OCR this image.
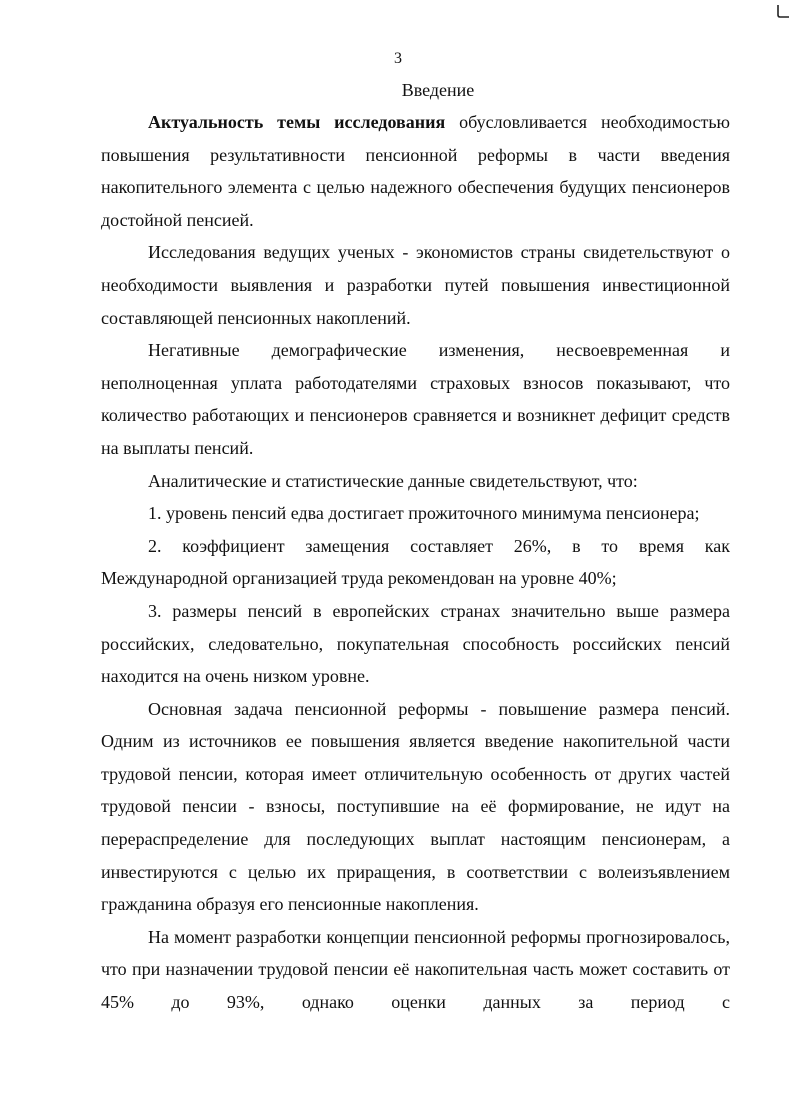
3
Введение

Актуальность темы исследования обусловливается необходимостью повышения результативности пенсионной реформы в части введения накопительного элемента с целью надежного обеспечения будущих пенсионеров достойной пенсией.

Исследования ведущих ученых - экономистов страны свидетельствуют о необходимости выявления и разработки путей повышения инвестиционной составляющей пенсионных накоплений.

Негативные демографические изменения, несвоевременная и неполноценная уплата работодателями страховых взносов показывают, что количество работающих и пенсионеров сравняется и возникнет дефицит средств на выплаты пенсий.

Аналитические и статистические данные свидетельствуют, что:

1. уровень пенсий едва достигает прожиточного минимума пенсионера;

2. коэффициент замещения составляет 26%, в то время как Международной организацией труда рекомендован на уровне 40%;

3. размеры пенсий в европейских странах значительно выше размера российских, следовательно, покупательная способность российских пенсий находится на очень низком уровне.

Основная задача пенсионной реформы - повышение размера пенсий. Одним из источников ее повышения является введение накопительной части трудовой пенсии, которая имеет отличительную особенность от других частей трудовой пенсии - взносы, поступившие на её формирование, не идут на перераспределение для последующих выплат настоящим пенсионерам, а инвестируются с целью их приращения, в соответствии с волеизъявлением гражданина образуя его пенсионные накопления.

На момент разработки концепции пенсионной реформы прогнозировалось, что при назначении трудовой пенсии её накопительная часть может составить от 45% до 93%, однако оценки данных за период с
